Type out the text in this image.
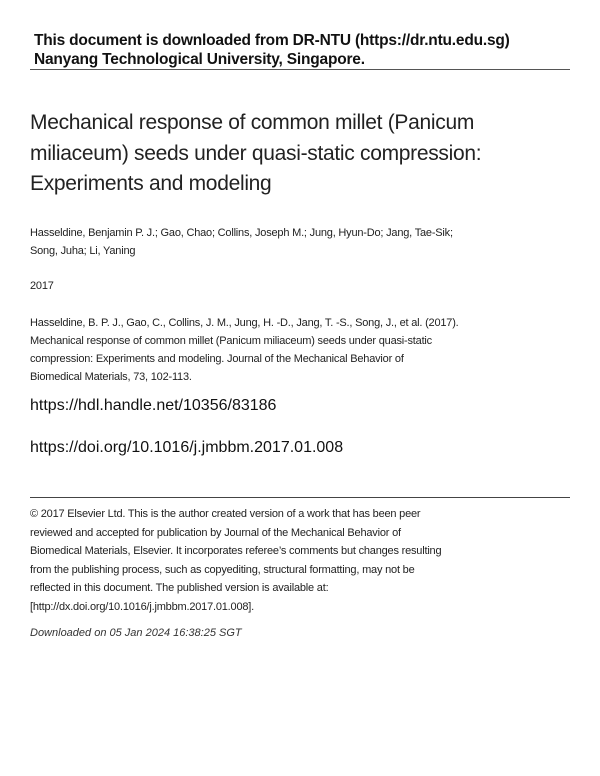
This document is downloaded from DR-NTU (https://dr.ntu.edu.sg)
Nanyang Technological University, Singapore.
Mechanical response of common millet (Panicum
miliaceum) seeds under quasi-static compression:
Experiments and modeling
Hasseldine, Benjamin P. J.; Gao, Chao; Collins, Joseph M.; Jung, Hyun-Do; Jang, Tae-Sik;
Song, Juha; Li, Yaning
2017
Hasseldine, B. P. J., Gao, C., Collins, J. M., Jung, H. -D., Jang, T. -S., Song, J., et al. (2017).
Mechanical response of common millet (Panicum miliaceum) seeds under quasi-static
compression: Experiments and modeling. Journal of the Mechanical Behavior of
Biomedical Materials, 73, 102-113.
https://hdl.handle.net/10356/83186
https://doi.org/10.1016/j.jmbbm.2017.01.008
© 2017 Elsevier Ltd. This is the author created version of a work that has been peer
reviewed and accepted for publication by Journal of the Mechanical Behavior of
Biomedical Materials, Elsevier. It incorporates referee’s comments but changes resulting
from the publishing process, such as copyediting, structural formatting, may not be
reflected in this document. The published version is available at:
[http://dx.doi.org/10.1016/j.jmbbm.2017.01.008].
Downloaded on 05 Jan 2024 16:38:25 SGT
